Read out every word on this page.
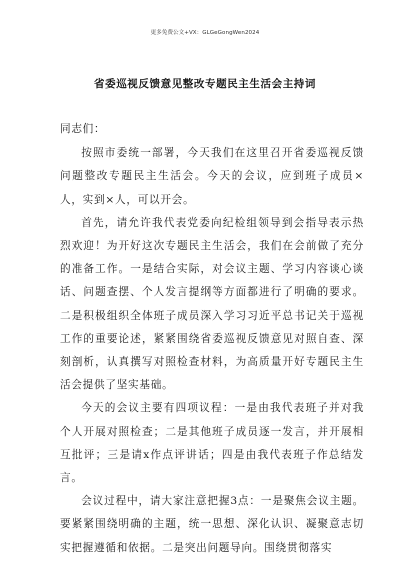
更多免费公文+VX：GLGeGongWen2024
省委巡视反馈意见整改专题民主生活会主持词

同志们：

按照市委统一部署，今天我们在这里召开省委巡视反馈问题整改专题民主生活会。今天的会议，应到班子成员×人，实到×人，可以开会。

首先，请允许我代表党委向纪检组领导到会指导表示热烈欢迎！为开好这次专题民主生活会，我们在会前做了充分的准备工作。一是结合实际，对会议主题、学习内容谈心谈话、问题查摆、个人发言提纲等方面都进行了明确的要求。二是积极组织全体班子成员深入学习习近平总书记关于巡视工作的重要论述，紧紧围绕省委巡视反馈意见对照自查、深刻剖析，认真撰写对照检查材料，为高质量开好专题民主生活会提供了坚实基础。

今天的会议主要有四项议程：一是由我代表班子并对我个人开展对照检查；二是其他班子成员逐一发言，并开展相互批评；三是请x作点评讲话；四是由我代表班子作总结发言。

会议过程中，请大家注意把握3点：一是聚焦会议主题。要紧紧围绕明确的主题，统一思想、深化认识、凝聚意志切实把握遵循和依据。二是突出问题导向。围绕贯彻落实
